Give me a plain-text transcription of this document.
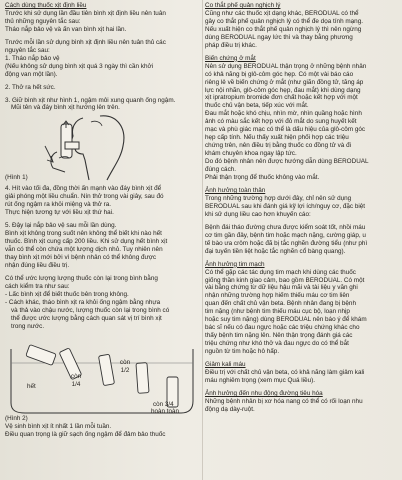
Cách dùng thuốc xịt định liều

Trước khi sử dụng lần đầu tiên bình xịt định liều nên tuân

thủ những nguyên tắc sau:

Tháo nắp bảo vệ và ấn van bình xịt hai lần.

Trước mỗi lần sử dụng bình xịt định liều nên tuân thủ các

nguyên tắc sau:

1. Tháo nắp bảo vệ

(Nếu không sử dụng bình xịt quá 3 ngày thì cần khởi

động van một lần).

2. Thở ra hết sức.

3. Giữ bình xịt như hình 1, ngậm môi xung quanh ống ngậm.

Mũi tên và đáy bình xịt hướng lên trên.

(Hình 1)

4. Hít vào tối đa, đồng thời ấn mạnh vào đáy bình xịt để

giải phóng một liều chuẩn. Nín thở trong vài giây, sau đó

rút ống ngậm ra khỏi miệng và thở ra.

Thực hiện tương tự với liều xịt thứ hai.

5. Đậy lại nắp bảo vệ sau mỗi lần dùng.

Bình xịt không trong suốt nên không thể biết khi nào hết

thuốc. Bình xịt cung cấp 200 liều. Khi sử dụng hết bình xịt

vẫn có thể còn chứa một lượng dịch nhỏ. Tuy nhiên nên

thay bình xịt mới bởi vì bệnh nhân có thể không được

nhận đúng liều điều trị.

Có thể ước lượng lượng thuốc còn lại trong bình bằng

cách kiểm tra như sau:

- Lấc bình xịt để biết thuốc bên trong không.

- Cách khác, tháo bình xịt ra khỏi ống ngậm bằng nhựa

và thả vào chậu nước, lượng thuốc còn lại trong bình có

thể được ước lượng bằng cách quan sát vị trí bình xịt

trong nước.

hết
còn 1/4
còn 1/2
còn 3/4
hoàn toàn
(Hình 2)

Vệ sinh bình xịt ít nhất 1 lần mỗi tuần.

Điều quan trọng là giữ sạch ống ngậm để đảm bảo thuốc

Co thắt phế quản nghịch lý

Cũng như các thuốc xịt dạng khác, BERODUAL có thể

gây co thắt phế quản nghịch lý có thể đe dọa tính mạng.

Nếu xuất hiện co thắt phế quản nghịch lý thì nên ngừng

dùng BERODUAL ngay lức thì và thay bằng phương

pháp điều trị khác.

Biến chứng ở mắt

Nên sử dụng BERODUAL thận trọng ở những bệnh nhân

có khả năng bị glô-côm góc hẹp. Có một vài báo cáo

riêng lẻ về biến chứng ở mắt (như giãn đồng tử, tăng áp

lực nội nhãn, glô-côm góc hẹp, đau mắt) khi dùng dạng

xịt ipratropium bromide đơn chất hoặc kết hợp với một

thuốc chủ vận beta, tiếp xúc với mắt.

Đau mắt hoặc khó chịu, nhìn mờ, nhìn quầng hoặc hình

ảnh có màu sắc kết hợp với đỏ mắt do sung huyết kết

mạc và phù giác mạc có thể là dấu hiệu của glô-côm góc

hẹp cấp tính. Nếu thấy xuất hiện phối hợp các triệu

chứng trên, nên điều trị bằng thuốc co đồng tử và đi

khám chuyên khoa ngay lập tức.

Do đó bệnh nhân nên được hướng dẫn dùng BERODUAL

đúng cách.

Phải thận trọng để thuốc không vào mắt.

Ảnh hưởng toàn thân

Trong những trường hợp dưới đây, chỉ nên sử dụng

BERODUAL sau khi đánh giá kỹ lợi ích/nguy cơ, đặc biệt

khi sử dụng liều cao hơn khuyến cáo:

Bệnh đái tháo đường chưa được kiểm soát tốt, nhồi máu

cơ tim gần đây, bệnh tim hoặc mạch nặng, cường giáp, u

tế bào ưa crôm hoặc đã bị tắc nghẽn đường tiểu (như phì

đại tuyến tiền liệt hoặc tắc nghẽn cổ bàng quang).

Ảnh hưởng tim mạch

Có thể gặp các tác dụng tim mạch khi dùng các thuốc

giống thần kinh giao cảm, bao gồm BERODUAL. Có một

vài bằng chứng từ dữ liệu hậu mãi và tài liệu y văn ghi

nhận những trường hợp hiếm thiếu máu cơ tim liên

quan đến chất chủ vận beta. Bệnh nhân đang bị bệnh

tim nặng (như bệnh tim thiếu máu cục bộ, loạn nhịp

hoặc suy tim nặng) dùng BERODUAL nên báo ý để khám

bác sĩ nếu có đau ngực hoặc các triệu chứng khác cho

thấy bệnh tim nặng lên. Nên thận trọng đánh giá các

triệu chứng như khó thở và đau ngực do có thể bắt

nguồn từ tim hoặc hô hấp.

Giảm kali máu

Điều trị với chất chủ vận beta, có khả năng làm giảm kali

máu nghiêm trọng (xem mục Quá liều).

Ảnh hưởng đến nhu động đường tiêu hóa

Những bệnh nhân bị xơ hóa nang có thể có rối loạn nhu

động dạ dày-ruột.
